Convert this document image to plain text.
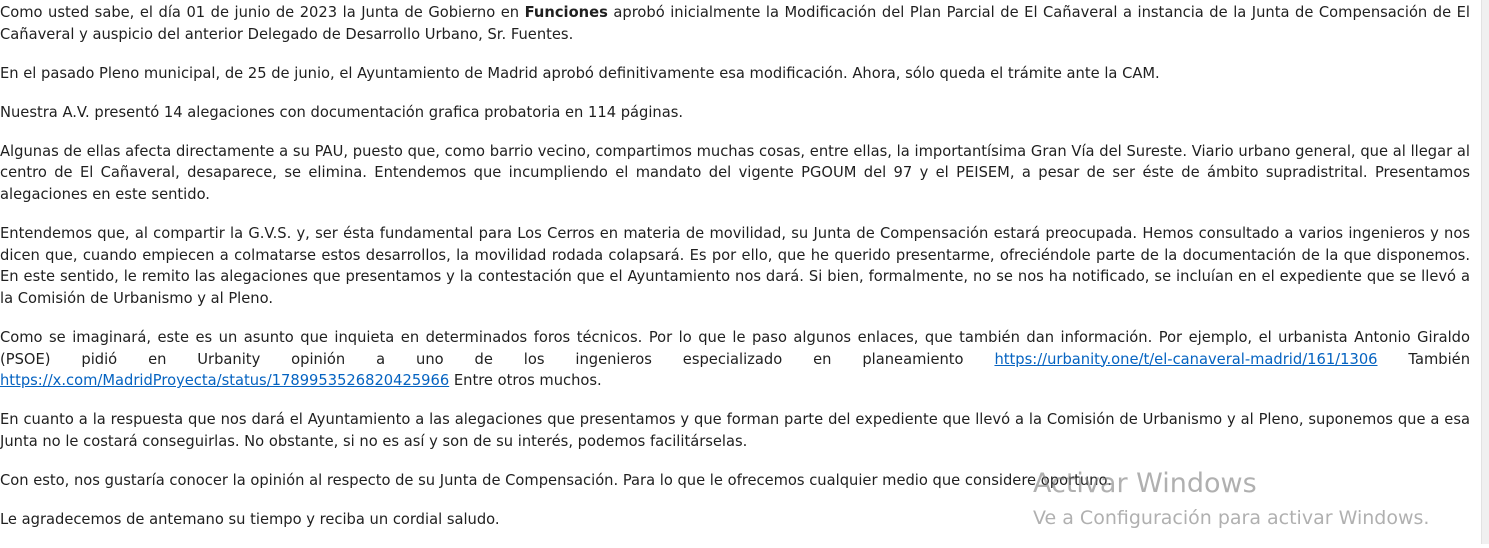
Como usted sabe, el día 01 de junio de 2023 la Junta de Gobierno en Funciones aprobó inicialmente la Modificación del Plan Parcial de El Cañaveral a instancia de la Junta de Compensación de El Cañaveral y auspicio del anterior Delegado de Desarrollo Urbano, Sr. Fuentes.

En el pasado Pleno municipal, de 25 de junio, el Ayuntamiento de Madrid aprobó definitivamente esa modificación. Ahora, sólo queda el trámite ante la CAM.

Nuestra A.V. presentó 14 alegaciones con documentación grafica probatoria en 114 páginas.

Algunas de ellas afecta directamente a su PAU, puesto que, como barrio vecino, compartimos muchas cosas, entre ellas, la importantísima Gran Vía del Sureste. Viario urbano general, que al llegar al centro de El Cañaveral, desaparece, se elimina. Entendemos que incumpliendo el mandato del vigente PGOUM del 97 y el PEISEM, a pesar de ser éste de ámbito supradistrital. Presentamos alegaciones en este sentido.

Entendemos que, al compartir la G.V.S. y, ser ésta fundamental para Los Cerros en materia de movilidad, su Junta de Compensación estará preocupada. Hemos consultado a varios ingenieros y nos dicen que, cuando empiecen a colmatarse estos desarrollos, la movilidad rodada colapsará. Es por ello, que he querido presentarme, ofreciéndole parte de la documentación de la que disponemos. En este sentido, le remito las alegaciones que presentamos y la contestación que el Ayuntamiento nos dará. Si bien, formalmente, no se nos ha notificado, se incluían en el expediente que se llevó a la Comisión de Urbanismo y al Pleno.

Como se imaginará, este es un asunto que inquieta en determinados foros técnicos. Por lo que le paso algunos enlaces, que también dan información. Por ejemplo, el urbanista Antonio Giraldo (PSOE) pidió en Urbanity opinión a uno de los ingenieros especializado en planeamiento https://urbanity.one/t/el-canaveral-madrid/161/1306 También https://x.com/MadridProyecta/status/1789953526820425966 Entre otros muchos.

En cuanto a la respuesta que nos dará el Ayuntamiento a las alegaciones que presentamos y que forman parte del expediente que llevó a la Comisión de Urbanismo y al Pleno, suponemos que a esa Junta no le costará conseguirlas. No obstante, si no es así y son de su interés, podemos facilitárselas.

Con esto, nos gustaría conocer la opinión al respecto de su Junta de Compensación. Para lo que le ofrecemos cualquier medio que considere oportuno.

Le agradecemos de antemano su tiempo y reciba un cordial saludo.

Activar Windows
Ve a Configuración para activar Windows.
